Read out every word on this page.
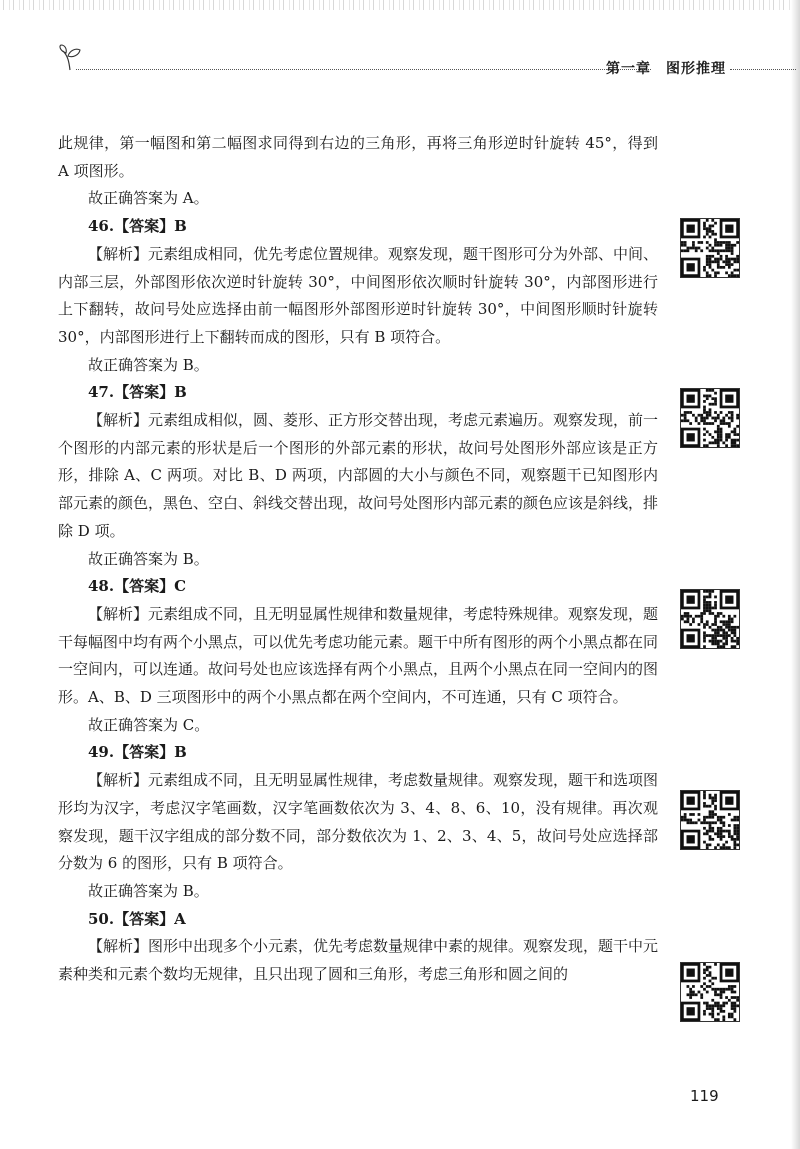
第一章　图形推理

此规律，第一幅图和第二幅图求同得到右边的三角形，再将三角形逆时针旋转 45°，得到 A 项图形。

故正确答案为 A。

46.【答案】B

【解析】元素组成相同，优先考虑位置规律。观察发现，题干图形可分为外部、中间、内部三层，外部图形依次逆时针旋转 30°，中间图形依次顺时针旋转 30°，内部图形进行上下翻转，故问号处应选择由前一幅图形外部图形逆时针旋转 30°，中间图形顺时针旋转 30°，内部图形进行上下翻转而成的图形，只有 B 项符合。

故正确答案为 B。

47.【答案】B

【解析】元素组成相似，圆、菱形、正方形交替出现，考虑元素遍历。观察发现，前一个图形的内部元素的形状是后一个图形的外部元素的形状，故问号处图形外部应该是正方形，排除 A、C 两项。对比 B、D 两项，内部圆的大小与颜色不同，观察题干已知图形内部元素的颜色，黑色、空白、斜线交替出现，故问号处图形内部元素的颜色应该是斜线，排除 D 项。

故正确答案为 B。

48.【答案】C

【解析】元素组成不同，且无明显属性规律和数量规律，考虑特殊规律。观察发现，题干每幅图中均有两个小黑点，可以优先考虑功能元素。题干中所有图形的两个小黑点都在同一空间内，可以连通。故问号处也应该选择有两个小黑点，且两个小黑点在同一空间内的图形。A、B、D 三项图形中的两个小黑点都在两个空间内，不可连通，只有 C 项符合。

故正确答案为 C。

49.【答案】B

【解析】元素组成不同，且无明显属性规律，考虑数量规律。观察发现，题干和选项图形均为汉字，考虑汉字笔画数，汉字笔画数依次为 3、4、8、6、10，没有规律。再次观察发现，题干汉字组成的部分数不同，部分数依次为 1、2、3、4、5，故问号处应选择部分数为 6 的图形，只有 B 项符合。

故正确答案为 B。

50.【答案】A

【解析】图形中出现多个小元素，优先考虑数量规律中素的规律。观察发现，题干中元素种类和元素个数均无规律，且只出现了圆和三角形，考虑三角形和圆之间的

119
